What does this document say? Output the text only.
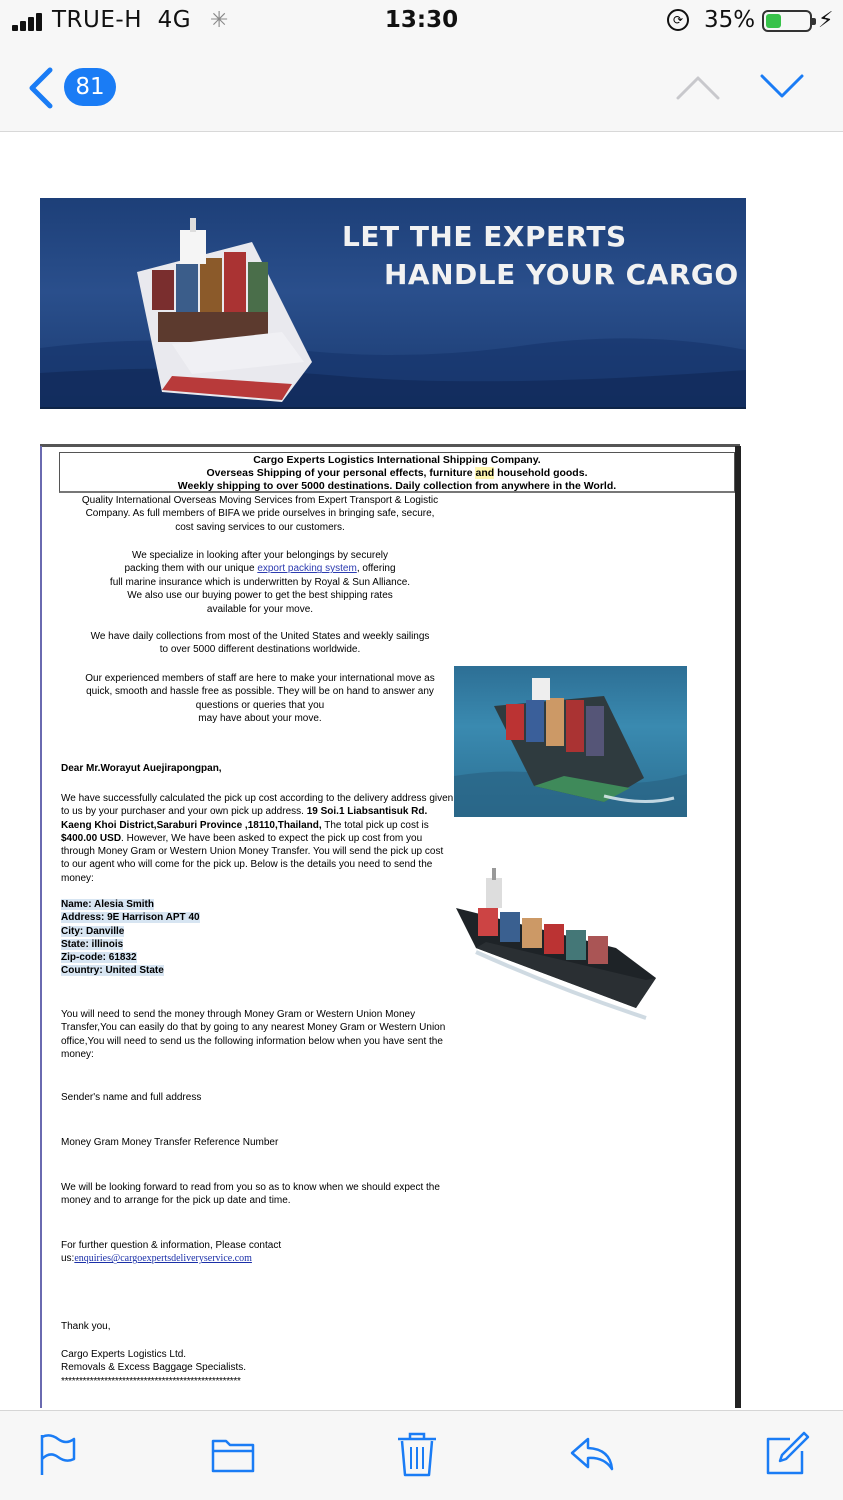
TRUE-H 4G ✳	13:30	⟳ 35%	⚡
81
LET THE EXPERTS
HANDLE YOUR CARGO
Cargo Experts Logistics International Shipping Company.
Overseas Shipping of your personal effects, furniture and household goods.
Weekly shipping to over 5000 destinations. Daily collection from anywhere in the World.
Quality International Overseas Moving Services from Expert Transport & Logistic
Company. As full members of BIFA we pride ourselves in bringing safe, secure,
cost saving services to our customers.
We specialize in looking after your belongings by securely
packing them with our unique export packing system, offering
full marine insurance which is underwritten by Royal & Sun Alliance.
We also use our buying power to get the best shipping rates
available for your move.
We have daily collections from most of the United States and weekly sailings
to over 5000 different destinations worldwide.
Our experienced members of staff are here to make your international move as
quick, smooth and hassle free as possible. They will be on hand to answer any
questions or queries that you
may have about your move.
Dear Mr.Worayut Auejirapongpan,
We have successfully calculated the pick up cost according to the delivery address given to us by your purchaser and your own pick up address. 19 Soi.1 Liabsantisuk Rd. Kaeng Khoi District,Saraburi Province ,18110,Thailand, The total pick up cost is $400.00 USD. However, We have been asked to expect the pick up cost from you through Money Gram or Western Union Money Transfer. You will send the pick up cost to our agent who will come for the pick up. Below is the details you need to send the money:
Name: Alesia Smith
Address: 9E Harrison APT 40
City: Danville
State: illinois
Zip-code: 61832
Country: United State
You will need to send the money through Money Gram or Western Union Money Transfer,You can easily do that by going to any nearest Money Gram or Western Union office,You will need to send us the following information below when you have sent the money:
Sender's name and full address
Money Gram Money Transfer Reference Number
We will be looking forward to read from you so as to know when we should expect the money and to arrange for the pick up date and time.
For further question & information, Please contact
us:enquiries@cargoexpertsdeliveryservice.com
Thank you,
Cargo Experts Logistics Ltd.
Removals & Excess Baggage Specialists.
**************************************************
